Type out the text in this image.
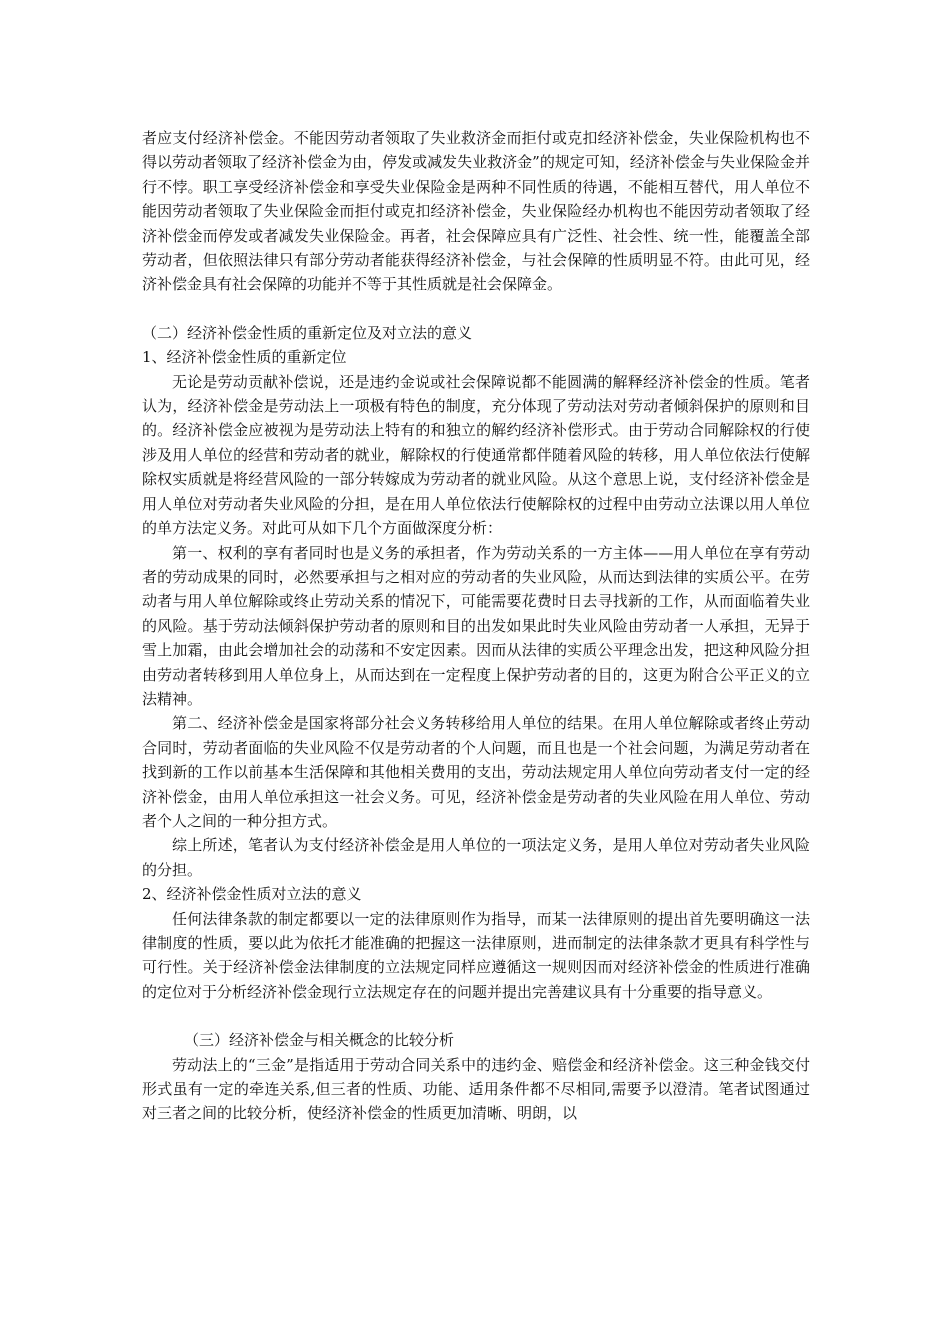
者应支付经济补偿金。不能因劳动者领取了失业救济金而拒付或克扣经济补偿金，失业保险机构也不得以劳动者领取了经济补偿金为由，停发或减发失业救济金”的规定可知，经济补偿金与失业保险金并行不悖。职工享受经济补偿金和享受失业保险金是两种不同性质的待遇，不能相互替代，用人单位不能因劳动者领取了失业保险金而拒付或克扣经济补偿金，失业保险经办机构也不能因劳动者领取了经济补偿金而停发或者减发失业保险金。再者，社会保障应具有广泛性、社会性、统一性，能覆盖全部劳动者，但依照法律只有部分劳动者能获得经济补偿金，与社会保障的性质明显不符。由此可见，经济补偿金具有社会保障的功能并不等于其性质就是社会保障金。

（二）经济补偿金性质的重新定位及对立法的意义

1、经济补偿金性质的重新定位

无论是劳动贡献补偿说，还是违约金说或社会保障说都不能圆满的解释经济补偿金的性质。笔者认为，经济补偿金是劳动法上一项极有特色的制度，充分体现了劳动法对劳动者倾斜保护的原则和目的。经济补偿金应被视为是劳动法上特有的和独立的解约经济补偿形式。由于劳动合同解除权的行使涉及用人单位的经营和劳动者的就业，解除权的行使通常都伴随着风险的转移，用人单位依法行使解除权实质就是将经营风险的一部分转嫁成为劳动者的就业风险。从这个意思上说，支付经济补偿金是用人单位对劳动者失业风险的分担，是在用人单位依法行使解除权的过程中由劳动立法课以用人单位的单方法定义务。对此可从如下几个方面做深度分析：

第一、权利的享有者同时也是义务的承担者，作为劳动关系的一方主体——用人单位在享有劳动者的劳动成果的同时，必然要承担与之相对应的劳动者的失业风险，从而达到法律的实质公平。在劳动者与用人单位解除或终止劳动关系的情况下，可能需要花费时日去寻找新的工作，从而面临着失业的风险。基于劳动法倾斜保护劳动者的原则和目的出发如果此时失业风险由劳动者一人承担，无异于雪上加霜，由此会增加社会的动荡和不安定因素。因而从法律的实质公平理念出发，把这种风险分担由劳动者转移到用人单位身上，从而达到在一定程度上保护劳动者的目的，这更为附合公平正义的立法精神。

第二、经济补偿金是国家将部分社会义务转移给用人单位的结果。在用人单位解除或者终止劳动合同时，劳动者面临的失业风险不仅是劳动者的个人问题，而且也是一个社会问题，为满足劳动者在找到新的工作以前基本生活保障和其他相关费用的支出，劳动法规定用人单位向劳动者支付一定的经济补偿金，由用人单位承担这一社会义务。可见，经济补偿金是劳动者的失业风险在用人单位、劳动者个人之间的一种分担方式。

综上所述，笔者认为支付经济补偿金是用人单位的一项法定义务，是用人单位对劳动者失业风险的分担。

2、经济补偿金性质对立法的意义

任何法律条款的制定都要以一定的法律原则作为指导，而某一法律原则的提出首先要明确这一法律制度的性质，要以此为依托才能准确的把握这一法律原则，进而制定的法律条款才更具有科学性与可行性。关于经济补偿金法律制度的立法规定同样应遵循这一规则因而对经济补偿金的性质进行准确的定位对于分析经济补偿金现行立法规定存在的问题并提出完善建议具有十分重要的指导意义。

（三）经济补偿金与相关概念的比较分析

劳动法上的“三金”是指适用于劳动合同关系中的违约金、赔偿金和经济补偿金。这三种金钱交付形式虽有一定的牵连关系,但三者的性质、功能、适用条件都不尽相同,需要予以澄清。笔者试图通过对三者之间的比较分析，使经济补偿金的性质更加清晰、明朗，以
